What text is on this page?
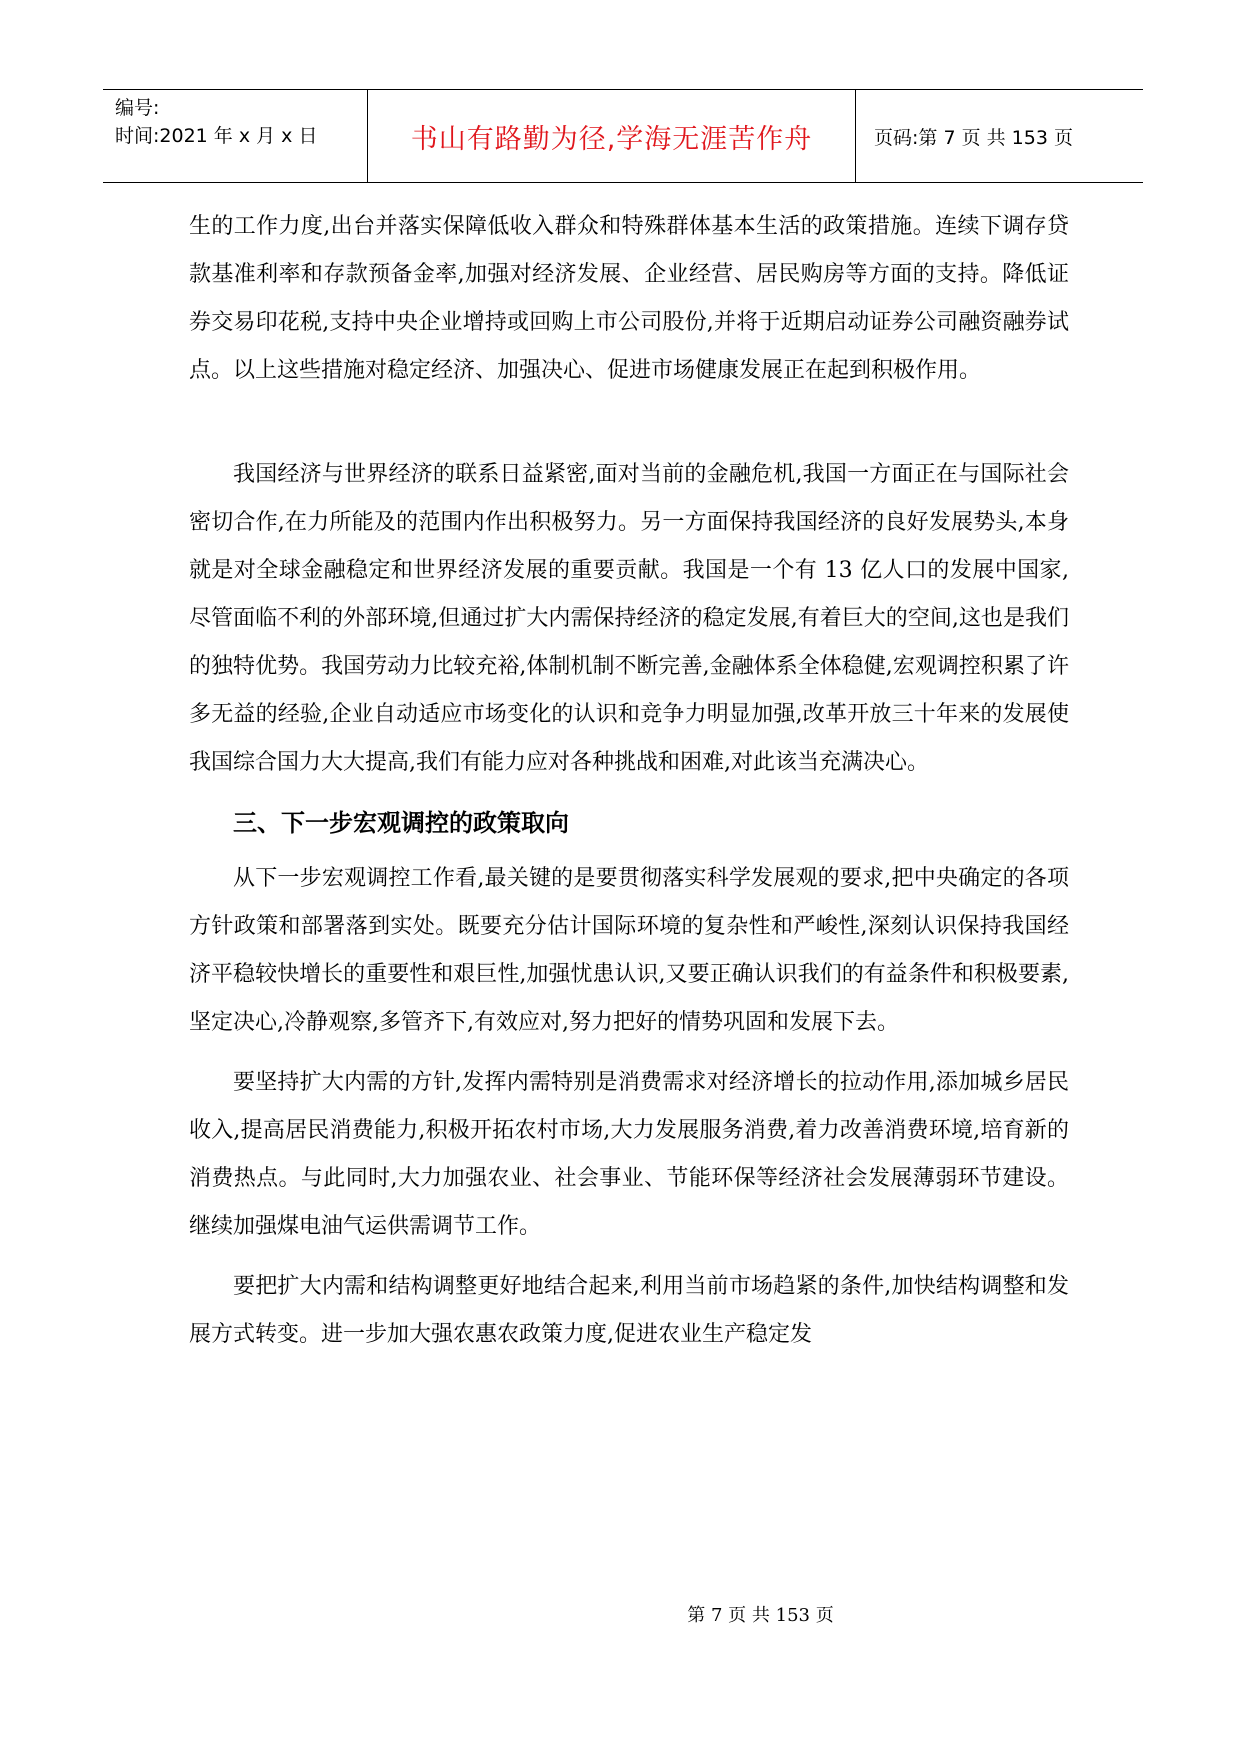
编号:
时间:2021 年 x 月 x 日	书山有路勤为径,学海无涯苦作舟	页码:第 7 页 共 153 页

生的工作力度,出台并落实保障低收入群众和特殊群体基本生活的政策措施。连续下调存贷款基准利率和存款预备金率,加强对经济发展、企业经营、居民购房等方面的支持。降低证券交易印花税,支持中央企业增持或回购上市公司股份,并将于近期启动证券公司融资融券试点。以上这些措施对稳定经济、加强决心、促进市场健康发展正在起到积极作用。

我国经济与世界经济的联系日益紧密,面对当前的金融危机,我国一方面正在与国际社会密切合作,在力所能及的范围内作出积极努力。另一方面保持我国经济的良好发展势头,本身就是对全球金融稳定和世界经济发展的重要贡献。我国是一个有 13 亿人口的发展中国家,尽管面临不利的外部环境,但通过扩大内需保持经济的稳定发展,有着巨大的空间,这也是我们的独特优势。我国劳动力比较充裕,体制机制不断完善,金融体系全体稳健,宏观调控积累了许多无益的经验,企业自动适应市场变化的认识和竞争力明显加强,改革开放三十年来的发展使我国综合国力大大提高,我们有能力应对各种挑战和困难,对此该当充满决心。

三、下一步宏观调控的政策取向

从下一步宏观调控工作看,最关键的是要贯彻落实科学发展观的要求,把中央确定的各项方针政策和部署落到实处。既要充分估计国际环境的复杂性和严峻性,深刻认识保持我国经济平稳较快增长的重要性和艰巨性,加强忧患认识,又要正确认识我们的有益条件和积极要素,坚定决心,冷静观察,多管齐下,有效应对,努力把好的情势巩固和发展下去。

要坚持扩大内需的方针,发挥内需特别是消费需求对经济增长的拉动作用,添加城乡居民收入,提高居民消费能力,积极开拓农村市场,大力发展服务消费,着力改善消费环境,培育新的消费热点。与此同时,大力加强农业、社会事业、节能环保等经济社会发展薄弱环节建设。继续加强煤电油气运供需调节工作。

要把扩大内需和结构调整更好地结合起来,利用当前市场趋紧的条件,加快结构调整和发展方式转变。进一步加大强农惠农政策力度,促进农业生产稳定发

第 7 页 共 153 页
